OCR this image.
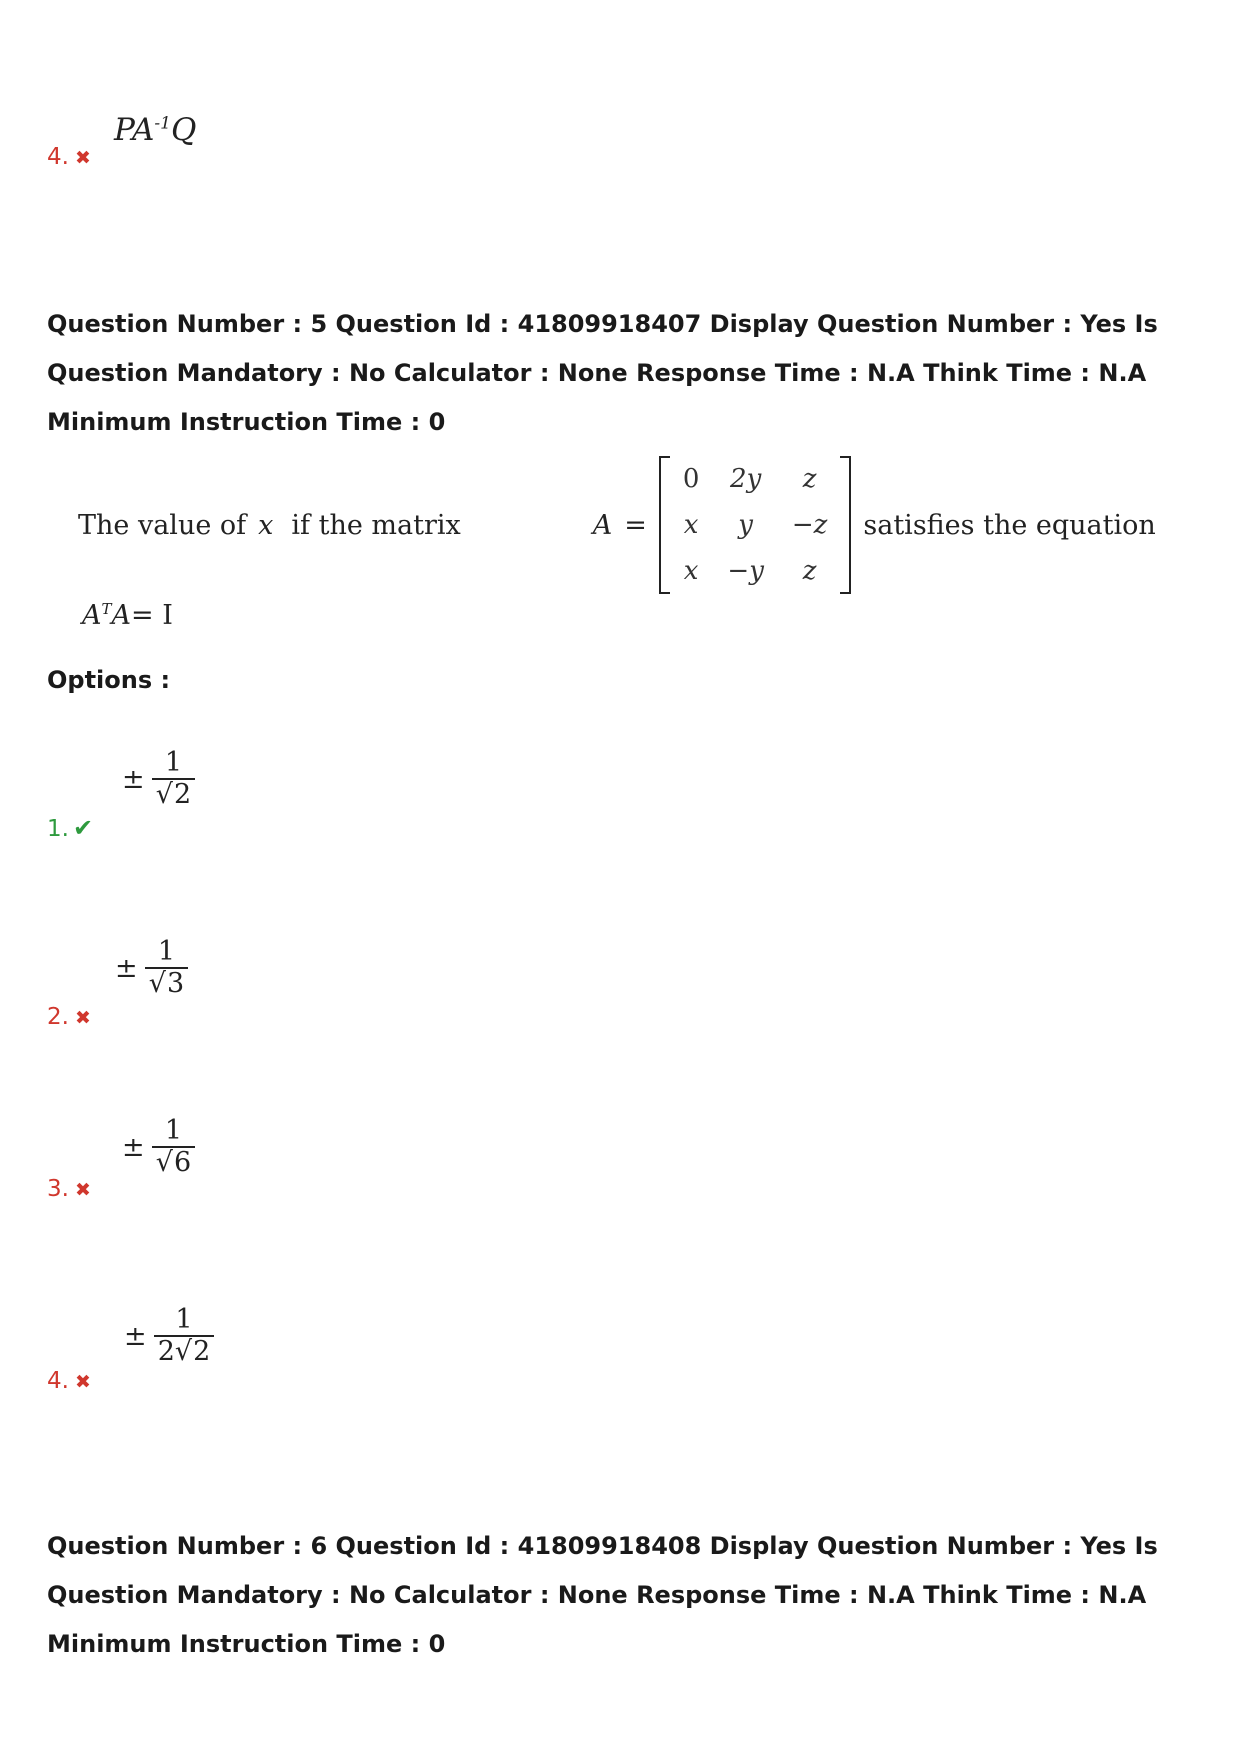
$PA^{-1}Q$
4. ✖
Question Number : 5 Question Id : 41809918407 Display Question Number : Yes Is Question Mandatory : No Calculator : None Response Time : N.A Think Time : N.A Minimum Instruction Time : 0
The value of x if the matrix	A =
0	2y	z
x	y	−z
x	−y	z
satisfies the equation
$A^TA= I$
Options :
± $\frac{1}{√2}$
1. ✔
± $\frac{1}{√3}$
2. ✖
± $\frac{1}{√6}$
3. ✖
± $\frac{1}{2√2}$
4. ✖
Question Number : 6 Question Id : 41809918408 Display Question Number : Yes Is Question Mandatory : No Calculator : None Response Time : N.A Think Time : N.A Minimum Instruction Time : 0
